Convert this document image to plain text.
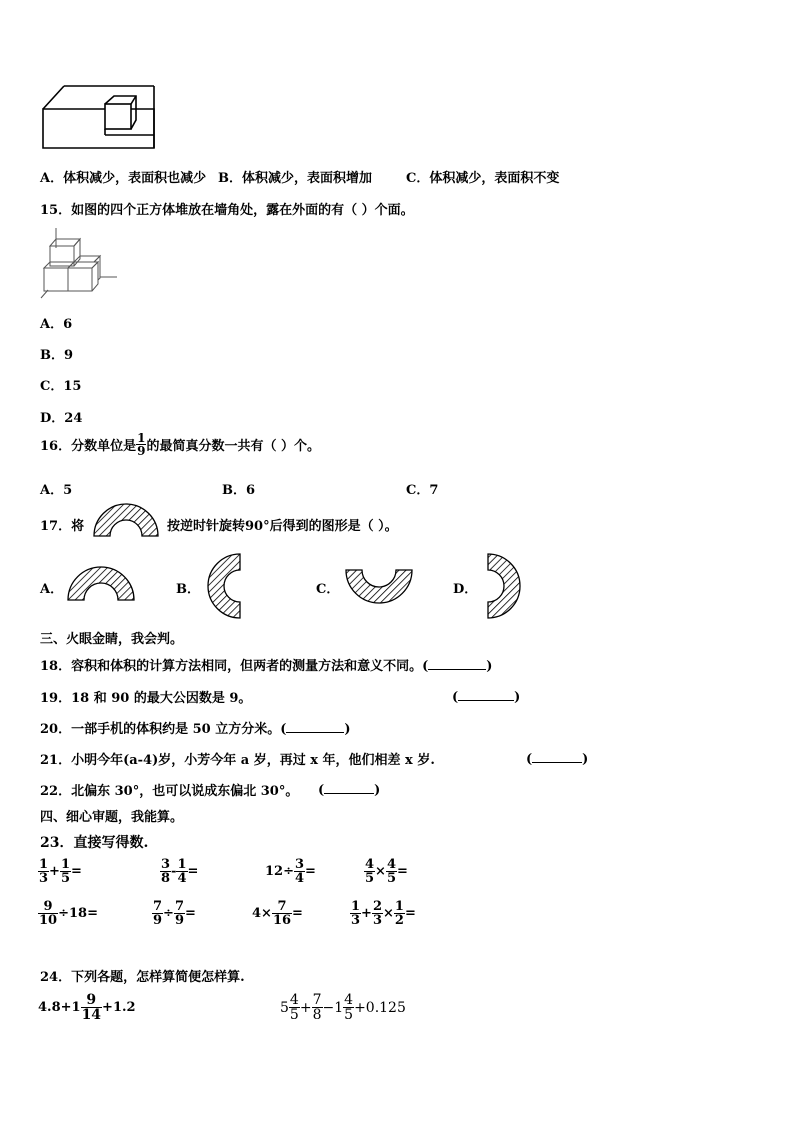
A．体积减少，表面积也减少 B．体积减少，表面积增加	C．体积减少，表面积不变
15．如图的四个正方体堆放在墙角处，露在外面的有（ ）个面。
A．6
B．9
C．15
D．24
16．分数单位是 $\frac{1}{9}$ 的最简真分数一共有（ ）个。
A．5	B．6	C．7
17．将	按逆时针旋转90°后得到的图形是（ ）。
A．	B．	C．	D．
三、火眼金睛，我会判。
18．容积和体积的计算方法相同，但两者的测量方法和意义不同。(	)
19．18 和 90 的最大公因数是 9。	(	)
20．一部手机的体积约是 50 立方分米。(	)
21．小明今年(a-4)岁，小芳今年 a 岁，再过 x 年，他们相差 x 岁.	(	)
22．北偏东 30°，也可以说成东偏北 30°。 (	)
四、细心审题，我能算。
23．直接写得数.
$\frac{1}{3} + \frac{1}{5}$ =	$\frac{3}{8} - \frac{1}{4}$ =	$12\div \frac{3}{4}$ =	$\frac{4}{5} \times \frac{4}{5}$ =
$\frac{9}{10} \div 18=$	$\frac{7}{9} \div \frac{7}{9}$ =	$4\times \frac{7}{16}$ =	$\frac{1}{3} + \frac{2}{3} \times \frac{1}{2}$ =
24．下列各题，怎样算简便怎样算.
$4.8+1 \frac{9}{14} +1.2$	$5 \frac{4}{5} + \frac{7}{8} -1 \frac{4}{5} +0.125$
